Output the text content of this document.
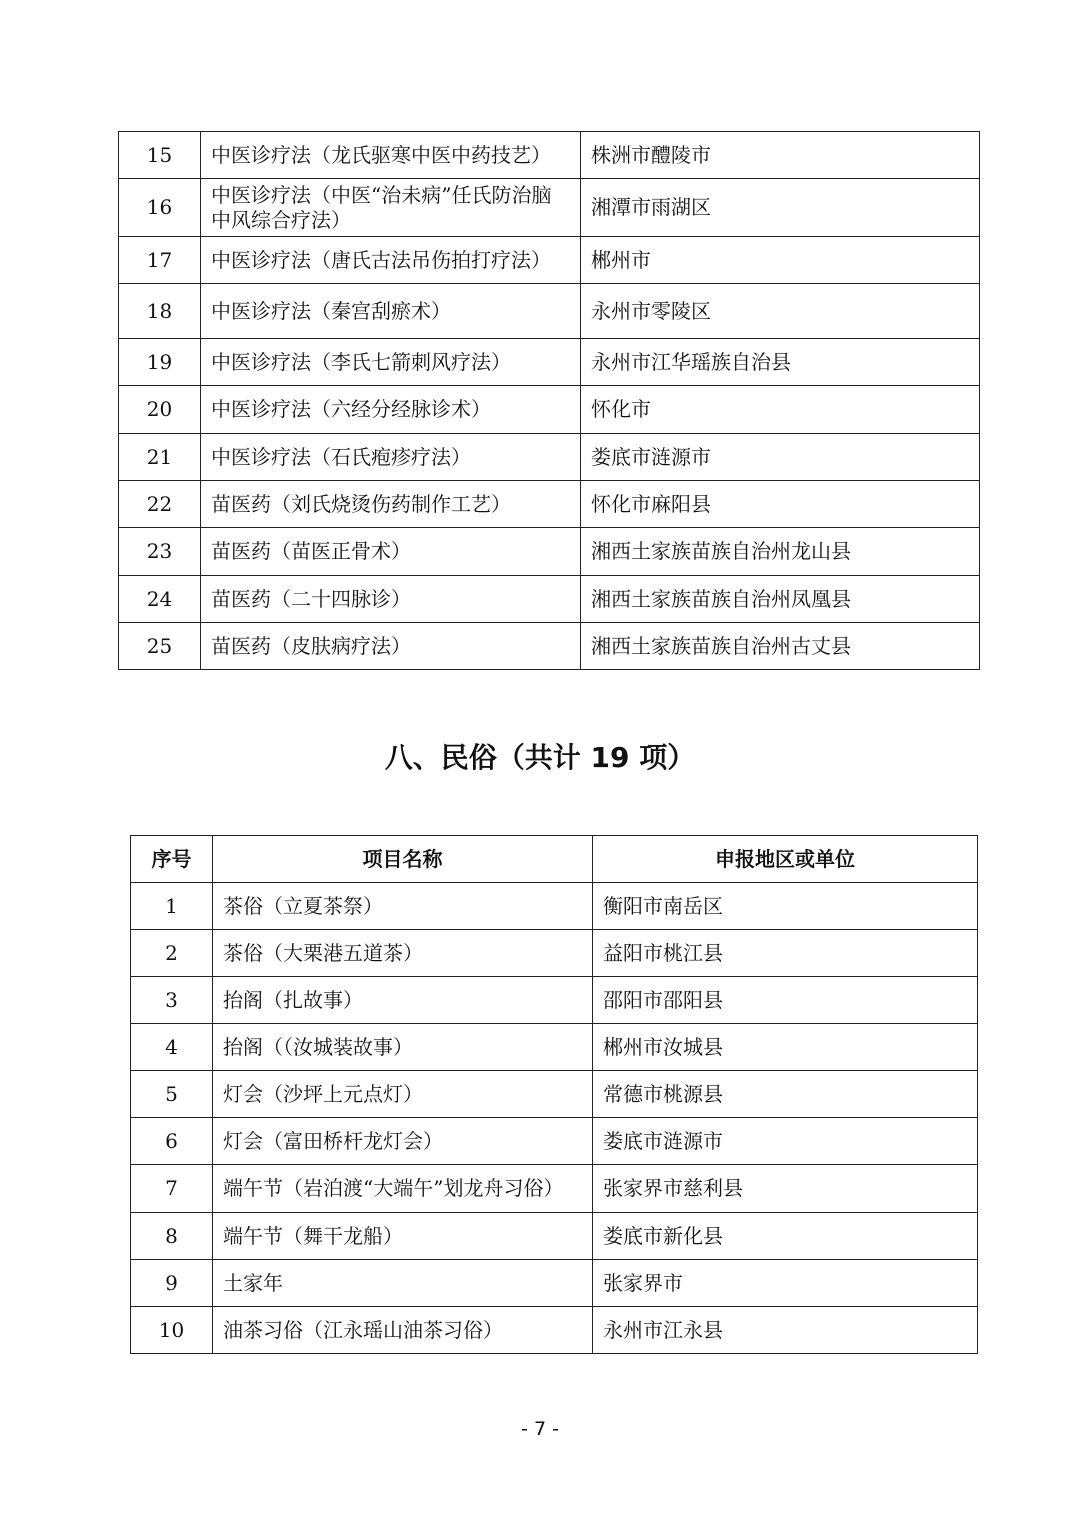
15	中医诊疗法（龙氏驱寒中医中药技艺）	株洲市醴陵市
16	中医诊疗法（中医“治未病”任氏防治脑中风综合疗法）	湘潭市雨湖区
17	中医诊疗法（唐氏古法吊伤拍打疗法）	郴州市
18	中医诊疗法（秦宫刮瘀术）	永州市零陵区
19	中医诊疗法（李氏七箭刺风疗法）	永州市江华瑶族自治县
20	中医诊疗法（六经分经脉诊术）	怀化市
21	中医诊疗法（石氏疱疹疗法）	娄底市涟源市
22	苗医药（刘氏烧烫伤药制作工艺）	怀化市麻阳县
23	苗医药（苗医正骨术）	湘西土家族苗族自治州龙山县
24	苗医药（二十四脉诊）	湘西土家族苗族自治州凤凰县
25	苗医药（皮肤病疗法）	湘西土家族苗族自治州古丈县
八、民俗（共计 19 项）
序号	项目名称	申报地区或单位
1	茶俗（立夏茶祭）	衡阳市南岳区
2	茶俗（大栗港五道茶）	益阳市桃江县
3	抬阁（扎故事）	邵阳市邵阳县
4	抬阁（（汝城装故事）	郴州市汝城县
5	灯会（沙坪上元点灯）	常德市桃源县
6	灯会（富田桥杆龙灯会）	娄底市涟源市
7	端午节（岩泊渡“大端午”划龙舟习俗）	张家界市慈利县
8	端午节（舞干龙船）	娄底市新化县
9	土家年	张家界市
10	油茶习俗（江永瑶山油茶习俗）	永州市江永县
- 7 -
